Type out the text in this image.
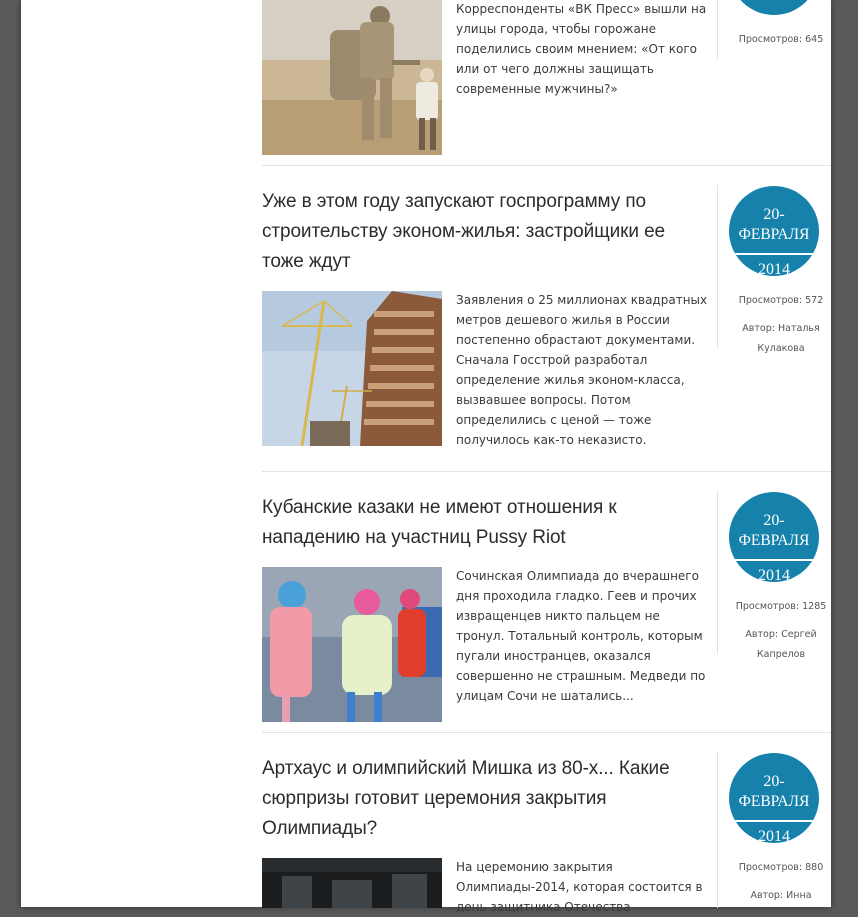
Корреспонденты «ВК Пресс» вышли на улицы города, чтобы горожане поделились своим мнением: «От кого или от чего должны защищать современные мужчины?»
Просмотров: 645
Уже в этом году запускают госпрограмму по строительству эконом-жилья: застройщики ее тоже ждут
Заявления о 25 миллионах квадратных метров дешевого жилья в России постепенно обрастают документами. Сначала Госстрой разработал определение жилья эконом-класса, вызвавшее вопросы. Потом определились с ценой — тоже получилось как-то неказисто.
20-
ФЕВРАЛЯ
2014
Просмотров: 572
Автор: Наталья Кулакова
Кубанские казаки не имеют отношения к нападению на участниц Pussy Riot
Сочинская Олимпиада до вчерашнего дня проходила гладко. Геев и прочих извращенцев никто пальцем не тронул. Тотальный контроль, которым пугали иностранцев, оказался совершенно не страшным. Медведи по улицам Сочи не шатались...
20-
ФЕВРАЛЯ
2014
Просмотров: 1285
Автор: Сергей Капрелов
Артхаус и олимпийский Мишка из 80-х... Какие сюрпризы готовит церемония закрытия Олимпиады?
На церемонию закрытия Олимпиады-2014, которая состоится в день защитника Отечества
20-
ФЕВРАЛЯ
2014
Просмотров: 880
Автор: Инна
